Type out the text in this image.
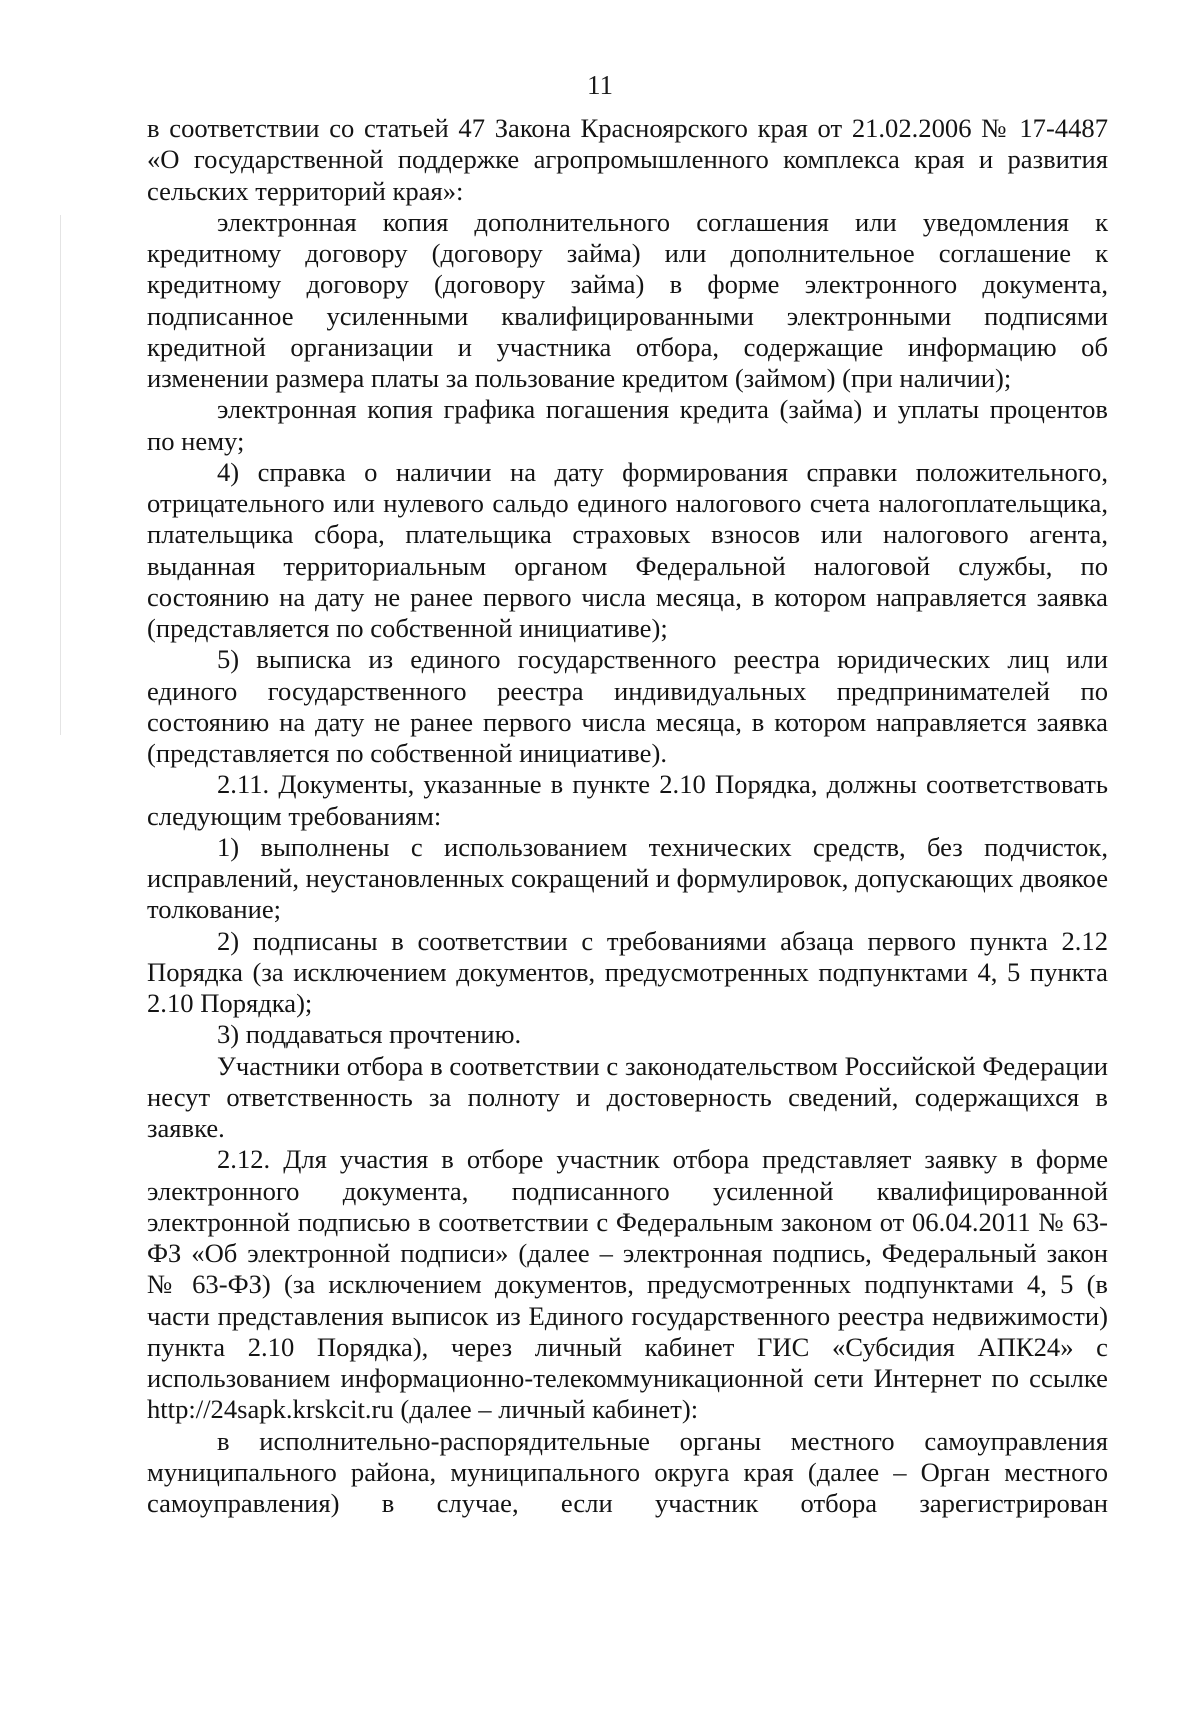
11

в соответствии со статьей 47 Закона Красноярского края от 21.02.2006 № 17-4487 «О государственной поддержке агропромышленного комплекса края и развития сельских территорий края»:

электронная копия дополнительного соглашения или уведомления к кредитному договору (договору займа) или дополнительное соглашение к кредитному договору (договору займа) в форме электронного документа, подписанное усиленными квалифицированными электронными подписями кредитной организации и участника отбора, содержащие информацию об изменении размера платы за пользование кредитом (займом) (при наличии);

электронная копия графика погашения кредита (займа) и уплаты процентов по нему;

4) справка о наличии на дату формирования справки положительного, отрицательного или нулевого сальдо единого налогового счета налогоплательщика, плательщика сбора, плательщика страховых взносов или налогового агента, выданная территориальным органом Федеральной налоговой службы, по состоянию на дату не ранее первого числа месяца, в котором направляется заявка (представляется по собственной инициативе);

5) выписка из единого государственного реестра юридических лиц или единого государственного реестра индивидуальных предпринимателей по состоянию на дату не ранее первого числа месяца, в котором направляется заявка (представляется по собственной инициативе).

2.11. Документы, указанные в пункте 2.10 Порядка, должны соответствовать следующим требованиям:

1) выполнены с использованием технических средств, без подчисток, исправлений, неустановленных сокращений и формулировок, допускающих двоякое толкование;

2) подписаны в соответствии с требованиями абзаца первого пункта 2.12 Порядка (за исключением документов, предусмотренных подпунктами 4, 5 пункта 2.10 Порядка);

3) поддаваться прочтению.

Участники отбора в соответствии с законодательством Российской Федерации несут ответственность за полноту и достоверность сведений, содержащихся в заявке.

2.12. Для участия в отборе участник отбора представляет заявку в форме электронного документа, подписанного усиленной квалифицированной электронной подписью в соответствии с Федеральным законом от 06.04.2011 № 63-ФЗ «Об электронной подписи» (далее – электронная подпись, Федеральный закон № 63-ФЗ) (за исключением документов, предусмотренных подпунктами 4, 5 (в части представления выписок из Единого государственного реестра недвижимости) пункта 2.10 Порядка), через личный кабинет ГИС «Субсидия АПК24» с использованием информационно-телекоммуникационной сети Интернет по ссылке http://24sapk.krskcit.ru (далее – личный кабинет):

в исполнительно-распорядительные органы местного самоуправления муниципального района, муниципального округа края (далее – Орган местного самоуправления) в случае, если участник отбора зарегистрирован
